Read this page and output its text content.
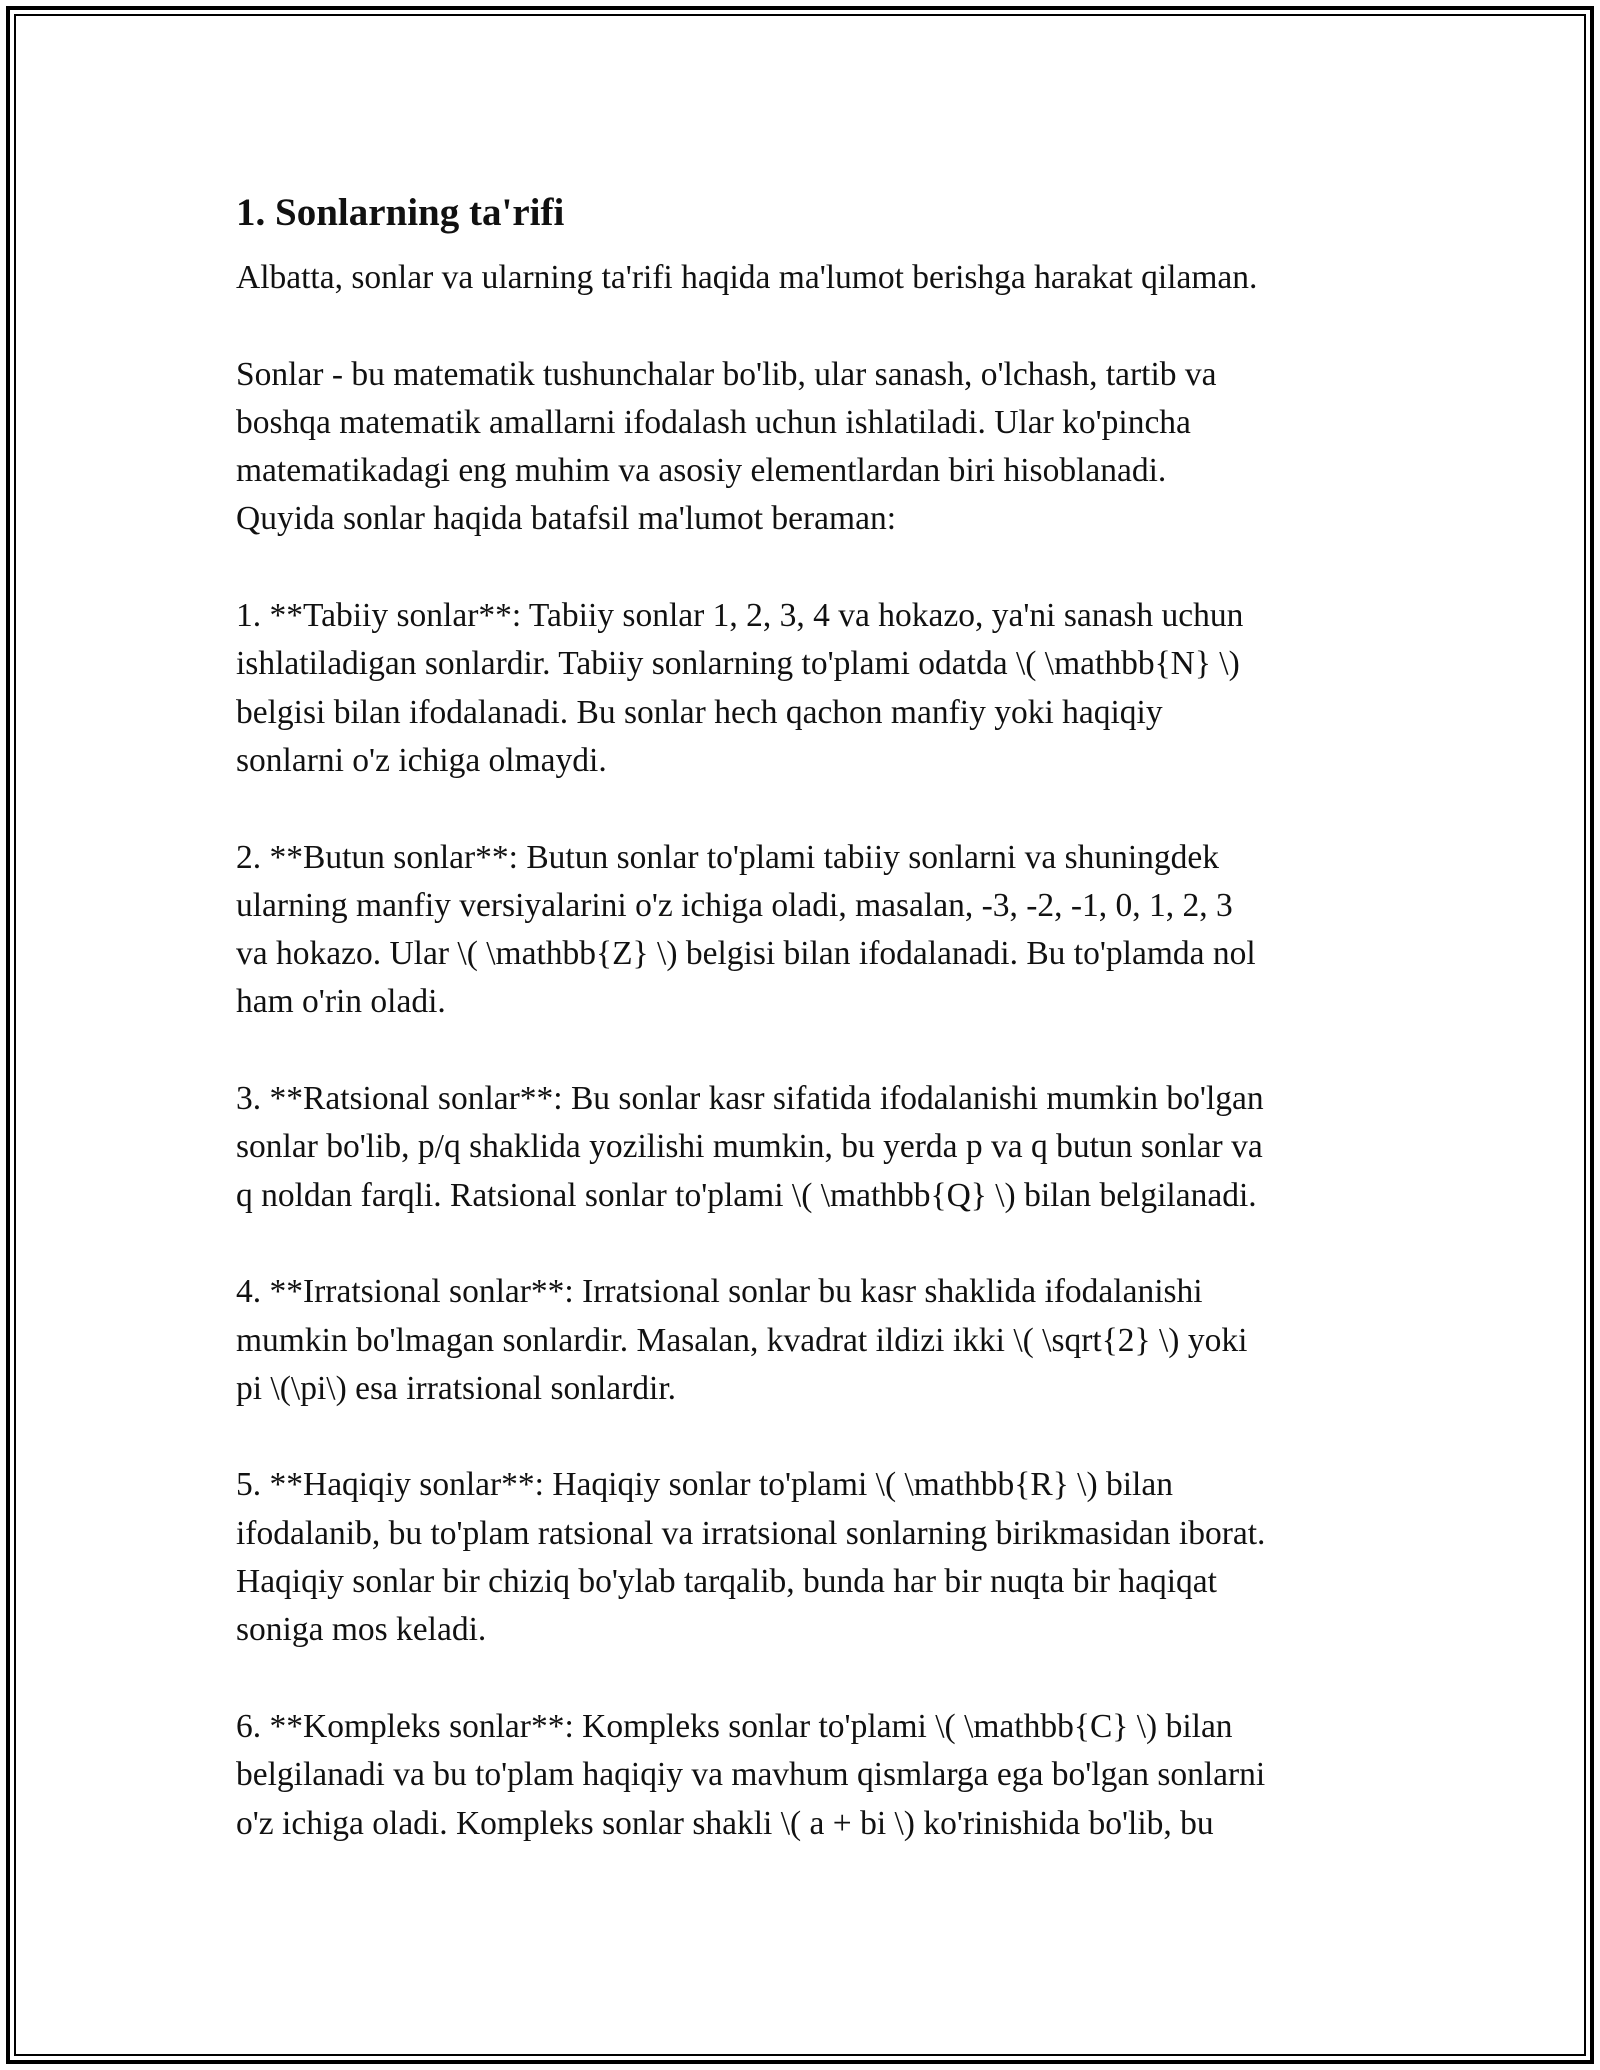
1. Sonlarning ta'rifi

Albatta, sonlar va ularning ta'rifi haqida ma'lumot berishga harakat qilaman.

Sonlar - bu matematik tushunchalar bo'lib, ular sanash, o'lchash, tartib va
boshqa matematik amallarni ifodalash uchun ishlatiladi. Ular ko'pincha
matematikadagi eng muhim va asosiy elementlardan biri hisoblanadi.
Quyida sonlar haqida batafsil ma'lumot beraman:

1. **Tabiiy sonlar**: Tabiiy sonlar 1, 2, 3, 4 va hokazo, ya'ni sanash uchun
ishlatiladigan sonlardir. Tabiiy sonlarning to'plami odatda \( \mathbb{N} \)
belgisi bilan ifodalanadi. Bu sonlar hech qachon manfiy yoki haqiqiy
sonlarni o'z ichiga olmaydi.

2. **Butun sonlar**: Butun sonlar to'plami tabiiy sonlarni va shuningdek
ularning manfiy versiyalarini o'z ichiga oladi, masalan, -3, -2, -1, 0, 1, 2, 3
va hokazo. Ular \( \mathbb{Z} \) belgisi bilan ifodalanadi. Bu to'plamda nol
ham o'rin oladi.

3. **Ratsional sonlar**: Bu sonlar kasr sifatida ifodalanishi mumkin bo'lgan
sonlar bo'lib, p/q shaklida yozilishi mumkin, bu yerda p va q butun sonlar va
q noldan farqli. Ratsional sonlar to'plami \( \mathbb{Q} \) bilan belgilanadi.

4. **Irratsional sonlar**: Irratsional sonlar bu kasr shaklida ifodalanishi
mumkin bo'lmagan sonlardir. Masalan, kvadrat ildizi ikki \( \sqrt{2} \) yoki
pi \(\pi\) esa irratsional sonlardir.

5. **Haqiqiy sonlar**: Haqiqiy sonlar to'plami \( \mathbb{R} \) bilan
ifodalanib, bu to'plam ratsional va irratsional sonlarning birikmasidan iborat.
Haqiqiy sonlar bir chiziq bo'ylab tarqalib, bunda har bir nuqta bir haqiqat
soniga mos keladi.

6. **Kompleks sonlar**: Kompleks sonlar to'plami \( \mathbb{C} \) bilan
belgilanadi va bu to'plam haqiqiy va mavhum qismlarga ega bo'lgan sonlarni
o'z ichiga oladi. Kompleks sonlar shakli \( a + bi \) ko'rinishida bo'lib, bu
